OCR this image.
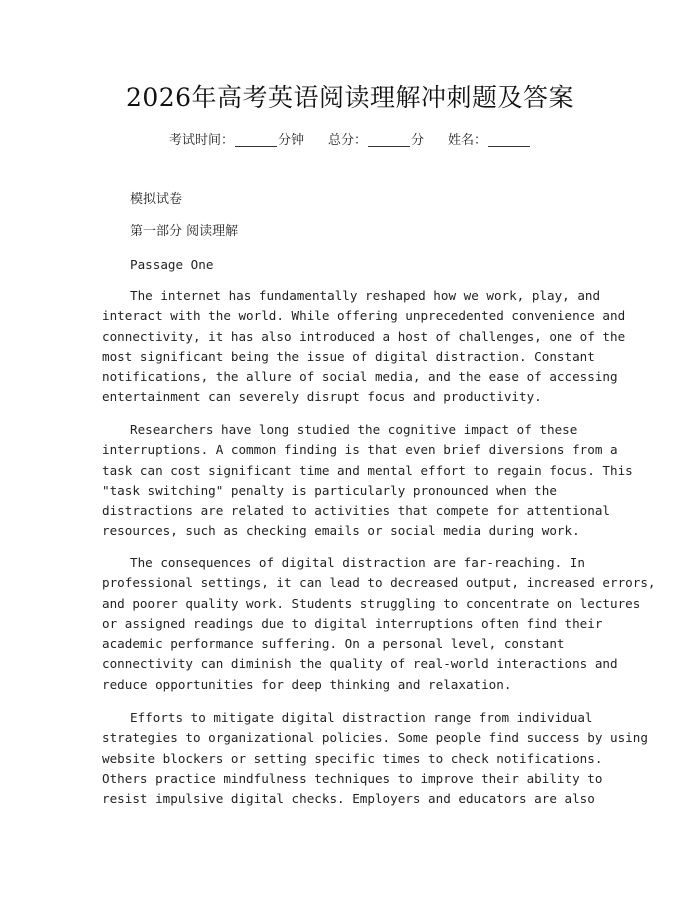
2026年高考英语阅读理解冲刺题及答案
考试时间：	分钟 总分：	分 姓名：
模拟试卷
第一部分 阅读理解
Passage One
The internet has fundamentally reshaped how we work, play, and
interact with the world. While offering unprecedented convenience and
connectivity, it has also introduced a host of challenges, one of the
most significant being the issue of digital distraction. Constant
notifications, the allure of social media, and the ease of accessing
entertainment can severely disrupt focus and productivity.
Researchers have long studied the cognitive impact of these
interruptions. A common finding is that even brief diversions from a
task can cost significant time and mental effort to regain focus. This
"task switching" penalty is particularly pronounced when the
distractions are related to activities that compete for attentional
resources, such as checking emails or social media during work.
The consequences of digital distraction are far-reaching. In
professional settings, it can lead to decreased output, increased errors,
and poorer quality work. Students struggling to concentrate on lectures
or assigned readings due to digital interruptions often find their
academic performance suffering. On a personal level, constant
connectivity can diminish the quality of real-world interactions and
reduce opportunities for deep thinking and relaxation.
Efforts to mitigate digital distraction range from individual
strategies to organizational policies. Some people find success by using
website blockers or setting specific times to check notifications.
Others practice mindfulness techniques to improve their ability to
resist impulsive digital checks. Employers and educators are also
